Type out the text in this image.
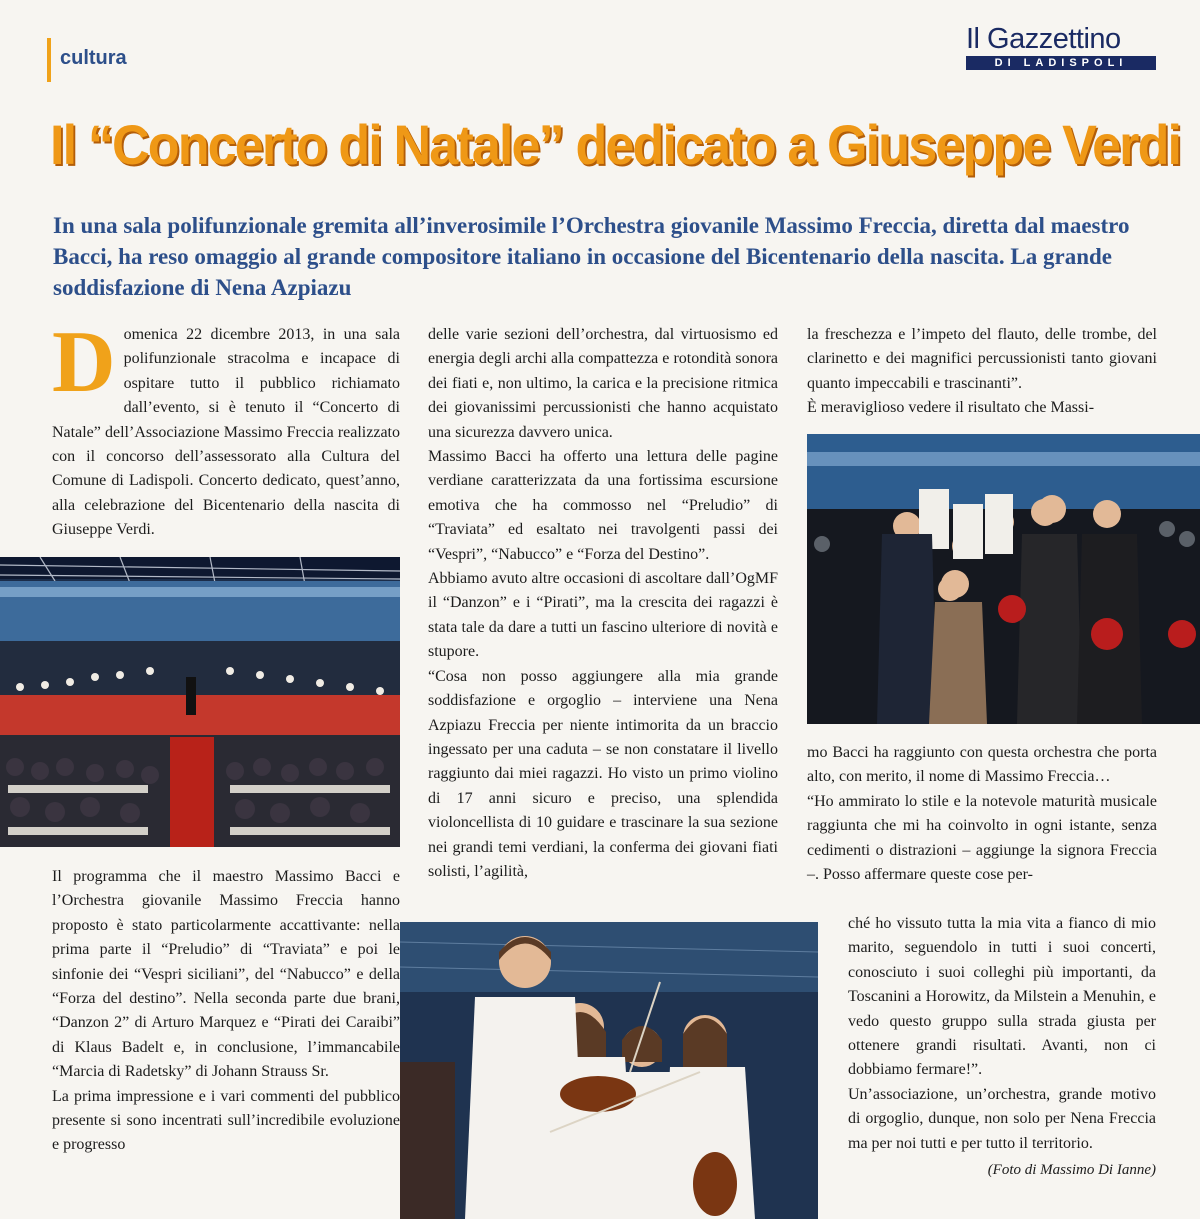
cultura
Il Gazzettino
DI LADISPOLI
Il “Concerto di Natale” dedicato a Giuseppe Verdi
In una sala polifunzionale gremita all’inverosimile l’Orchestra giovanile Massimo Freccia, diretta dal maestro Bacci, ha reso omaggio al grande compositore italiano in occasione del Bicentenario della nascita. La grande soddisfazione di Nena Azpiazu
D omenica 22 dicembre 2013, in una sala polifunzionale stracolma e incapace di ospitare tutto il pubblico richiamato dall’evento, si è tenuto il “Concerto di Natale” dell’Associazione Massimo Freccia realizzato con il concorso dell’assessorato alla Cultura del Comune di Ladispoli. Concerto dedicato, quest’anno, alla celebrazione del Bicentenario della nascita di Giuseppe Verdi.

Il programma che il maestro Massimo Bacci e l’Orchestra giovanile Massimo Freccia hanno proposto è stato particolarmente accattivante: nella prima parte il “Preludio” di “Traviata” e poi le sinfonie dei “Vespri siciliani”, del “Nabucco” e della “Forza del destino”. Nella seconda parte due brani, “Danzon 2” di Arturo Marquez e “Pirati dei Caraibi” di Klaus Badelt e, in conclusione, l’immancabile “Marcia di Radetsky” di Johann Strauss Sr.

La prima impressione e i vari commenti del pubblico presente si sono incentrati sull’incredibile evoluzione e progresso

delle varie sezioni dell’orchestra, dal virtuosismo ed energia degli archi alla compattezza e rotondità sonora dei fiati e, non ultimo, la carica e la precisione ritmica dei giovanissimi percussionisti che hanno acquistato una sicurezza davvero unica.

Massimo Bacci ha offerto una lettura delle pagine verdiane caratterizzata da una fortissima escursione emotiva che ha commosso nel “Preludio” di “Traviata” ed esaltato nei travolgenti passi dei “Vespri”, “Nabucco” e “Forza del Destino”.

Abbiamo avuto altre occasioni di ascoltare dall’OgMF il “Danzon” e i “Pirati”, ma la crescita dei ragazzi è stata tale da dare a tutti un fascino ulteriore di novità e stupore.

“Cosa non posso aggiungere alla mia grande soddisfazione e orgoglio – interviene una Nena Azpiazu Freccia per niente intimorita da un braccio ingessato per una caduta – se non constatare il livello raggiunto dai miei ragazzi. Ho visto un primo violino di 17 anni sicuro e preciso, una splendida violoncellista di 10 guidare e trascinare la sua sezione nei grandi temi verdiani, la conferma dei giovani fiati solisti, l’agilità,

la freschezza e l’impeto del flauto, delle trombe, del clarinetto e dei magnifici percussionisti tanto giovani quanto impeccabili e trascinanti”.

È meraviglioso vedere il risultato che Massi-

mo Bacci ha raggiunto con questa orchestra che porta alto, con merito, il nome di Massimo Freccia…

“Ho ammirato lo stile e la notevole maturità musicale raggiunta che mi ha coinvolto in ogni istante, senza cedimenti o distrazioni – aggiunge la signora Freccia –. Posso affermare queste cose per-

ché ho vissuto tutta la mia vita a fianco di mio marito, seguendolo in tutti i suoi concerti, conosciuto i suoi colleghi più importanti, da Toscanini a Horowitz, da Milstein a Menuhin, e vedo questo gruppo sulla strada giusta per ottenere grandi risultati. Avanti, non ci dobbiamo fermare!”.

Un’associazione, un’orchestra, grande motivo di orgoglio, dunque, non solo per Nena Freccia ma per noi tutti e per tutto il territorio.

(Foto di Massimo Di Ianne)
